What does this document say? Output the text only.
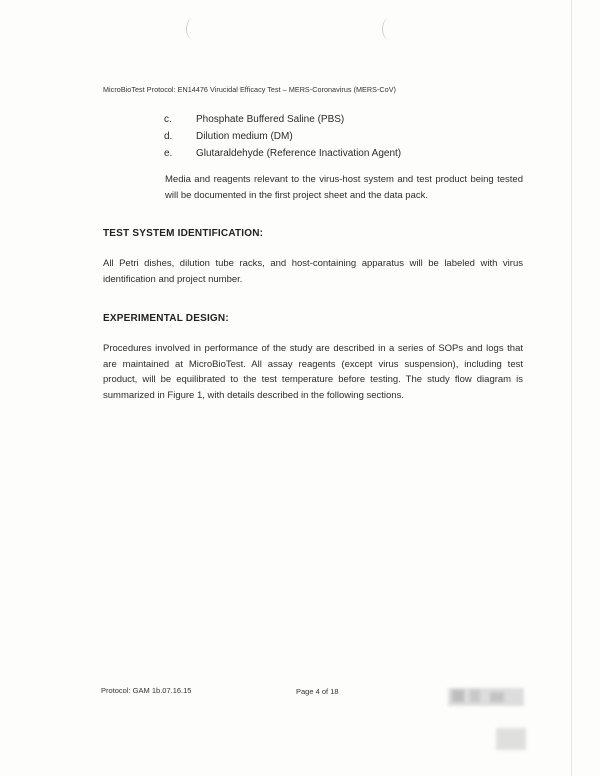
MicroBioTest Protocol: EN14476 Virucidal Efficacy Test – MERS-Coronavirus (MERS-CoV)
c.	Phosphate Buffered Saline (PBS)
d.	Dilution medium (DM)
e.	Glutaraldehyde (Reference Inactivation Agent)
Media and reagents relevant to the virus-host system and test product being tested will be documented in the first project sheet and the data pack.
TEST SYSTEM IDENTIFICATION:
All Petri dishes, dilution tube racks, and host-containing apparatus will be labeled with virus identification and project number.
EXPERIMENTAL DESIGN:
Procedures involved in performance of the study are described in a series of SOPs and logs that are maintained at MicroBioTest. All assay reagents (except virus suspension), including test product, will be equilibrated to the test temperature before testing. The study flow diagram is summarized in Figure 1, with details described in the following sections.
Protocol: GAM 1b.07.16.15	Page 4 of 18
